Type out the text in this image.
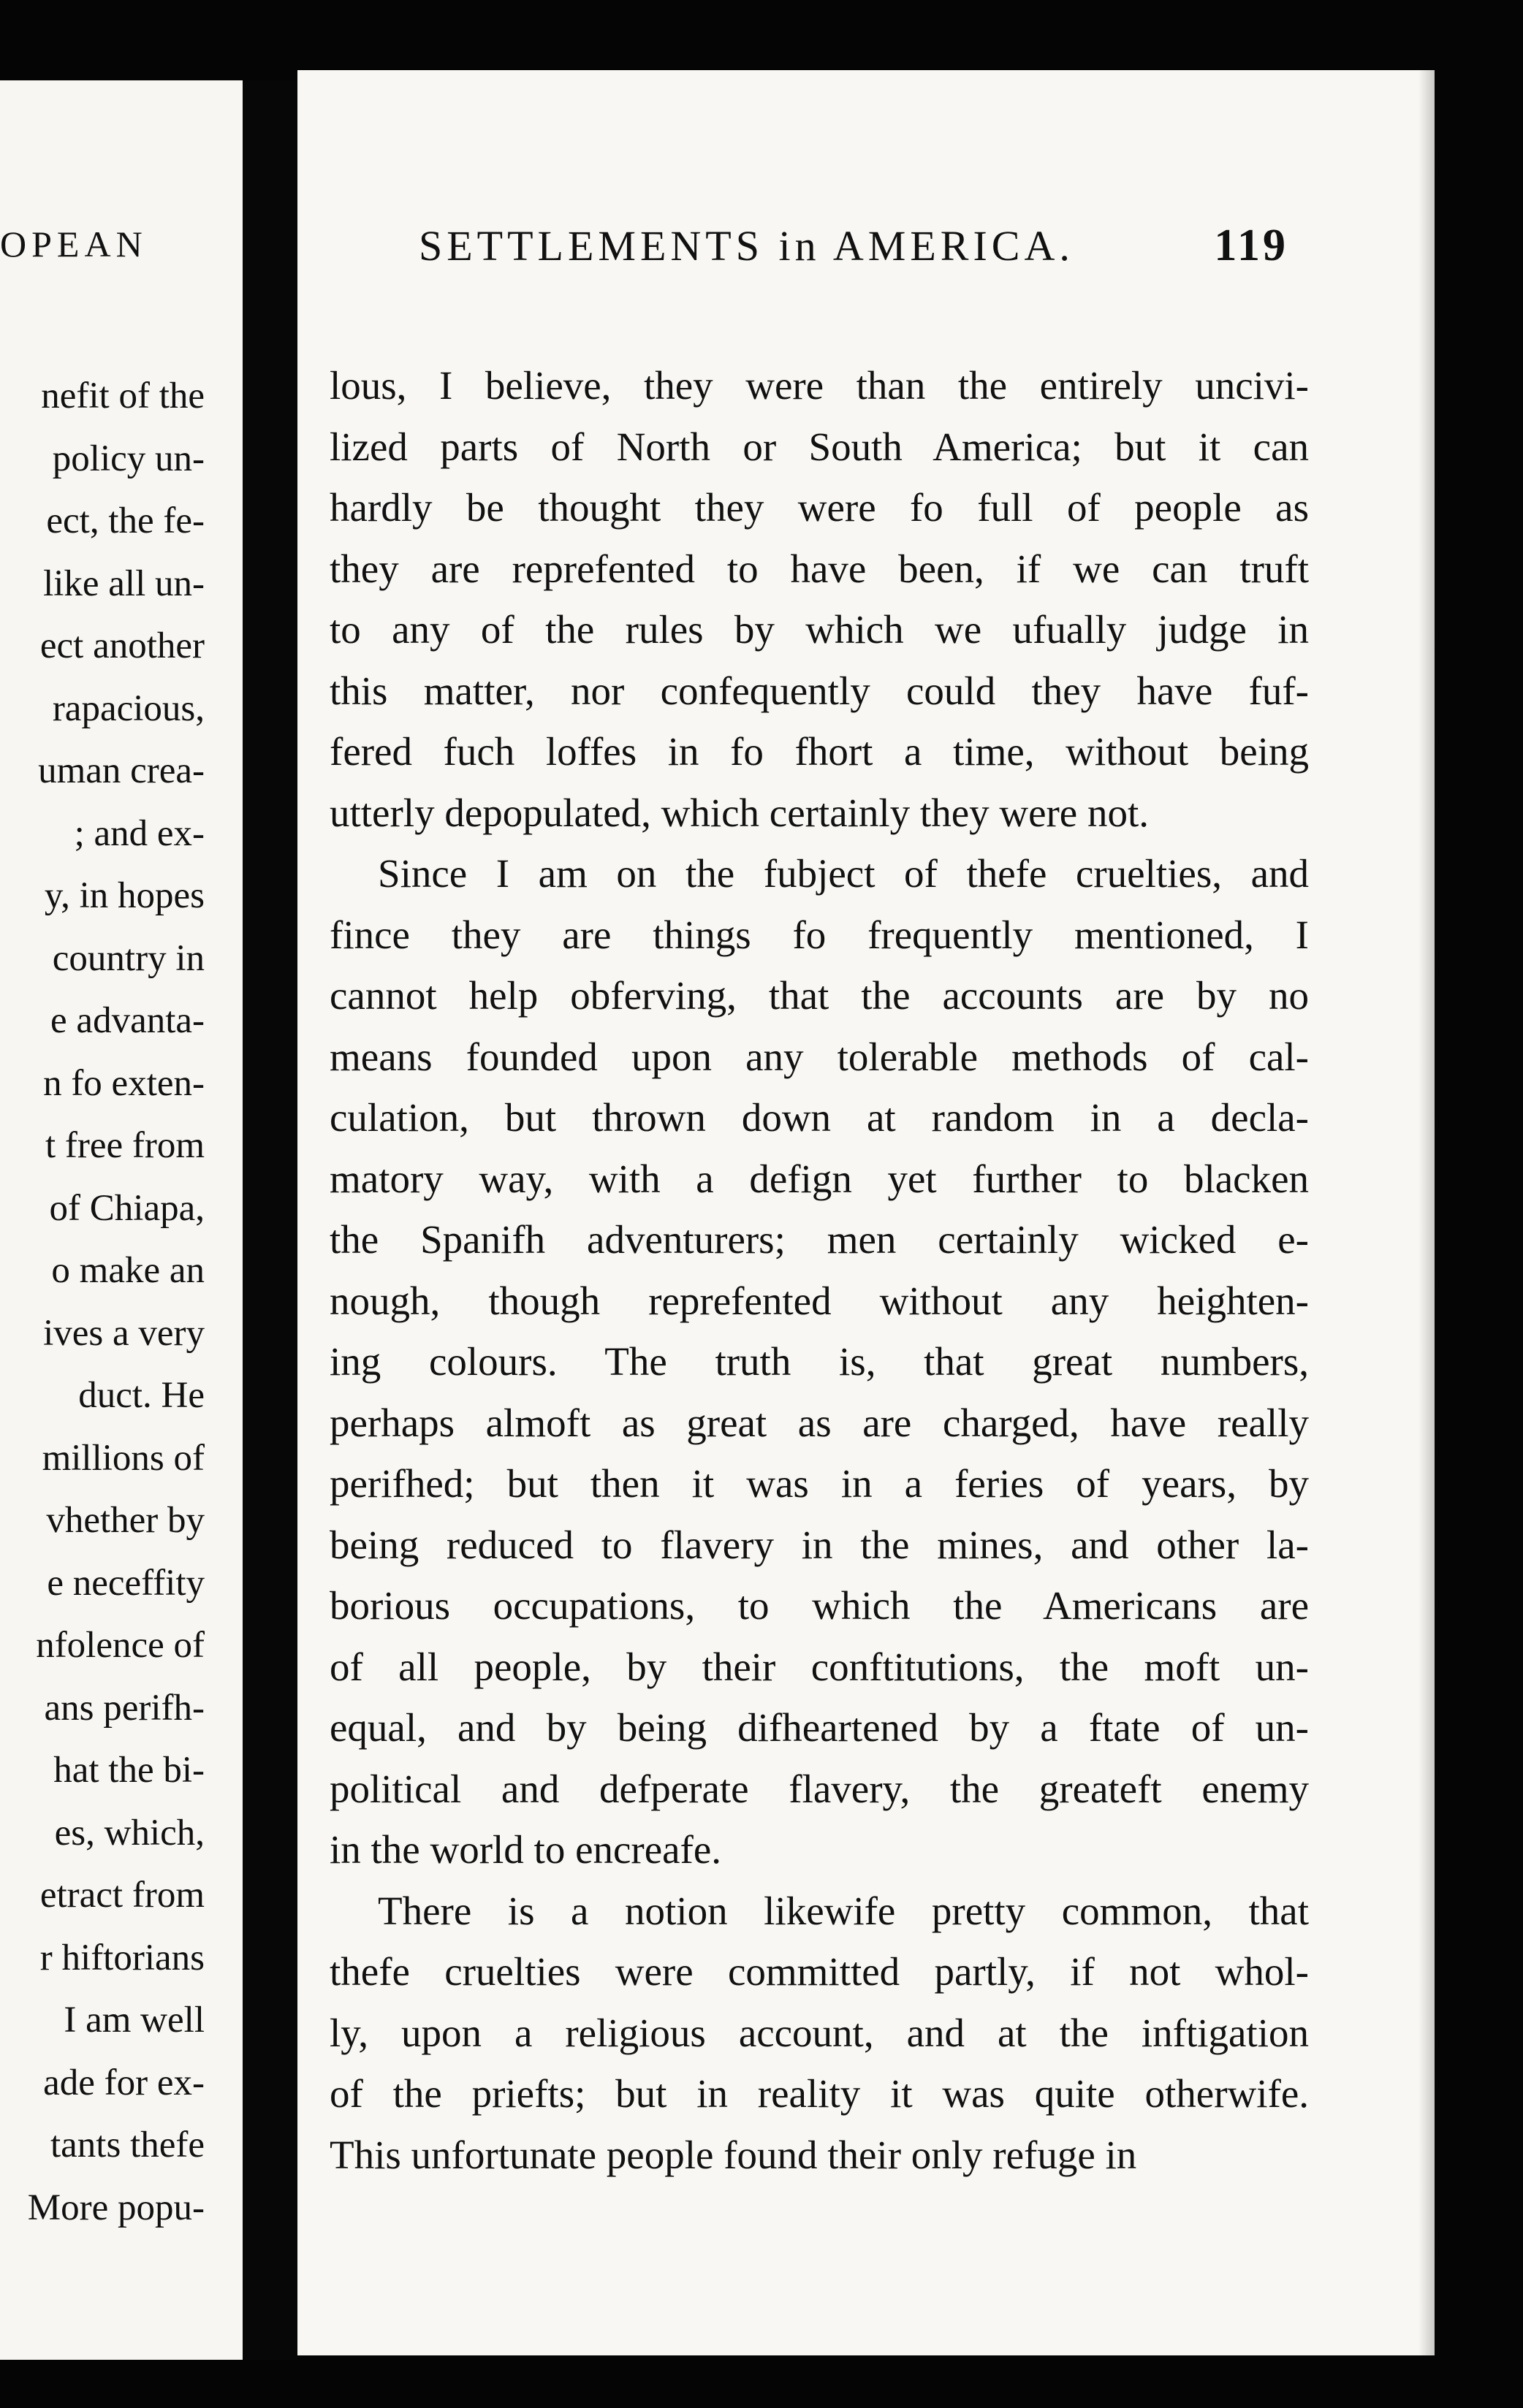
OPEAN
nefit of the
policy un-
ect, the fe-
like all un-
ect another
rapacious,
uman crea-
; and ex-
y, in hopes
country in
e advanta-
n fo exten-
t free from
of Chiapa,
o make an
ives a very
duct. He
millions of
vhether by
e neceffity
nfolence of
ans perifh-
hat the bi-
es, which,
etract from
r hiftorians
I am well
ade for ex-
tants thefe
More popu-
SETTLEMENTS in AMERICA.	119
lous, I believe, they were than the entirely uncivi-
lized parts of North or South America; but it can
hardly be thought they were fo full of people as
they are reprefented to have been, if we can truft
to any of the rules by which we ufually judge in
this matter, nor confequently could they have fuf-
fered fuch loffes in fo fhort a time, without being
utterly depopulated, which certainly they were not.
Since I am on the fubject of thefe cruelties, and
fince they are things fo frequently mentioned, I
cannot help obferving, that the accounts are by no
means founded upon any tolerable methods of cal-
culation, but thrown down at random in a decla-
matory way, with a defign yet further to blacken
the Spanifh adventurers; men certainly wicked e-
nough, though reprefented without any heighten-
ing colours. The truth is, that great numbers,
perhaps almoft as great as are charged, have really
perifhed; but then it was in a feries of years, by
being reduced to flavery in the mines, and other la-
borious occupations, to which the Americans are
of all people, by their conftitutions, the moft un-
equal, and by being difheartened by a ftate of un-
political and defperate flavery, the greateft enemy
in the world to encreafe.
There is a notion likewife pretty common, that
thefe cruelties were committed partly, if not whol-
ly, upon a religious account, and at the inftigation
of the priefts; but in reality it was quite otherwife.
This unfortunate people found their only refuge in
